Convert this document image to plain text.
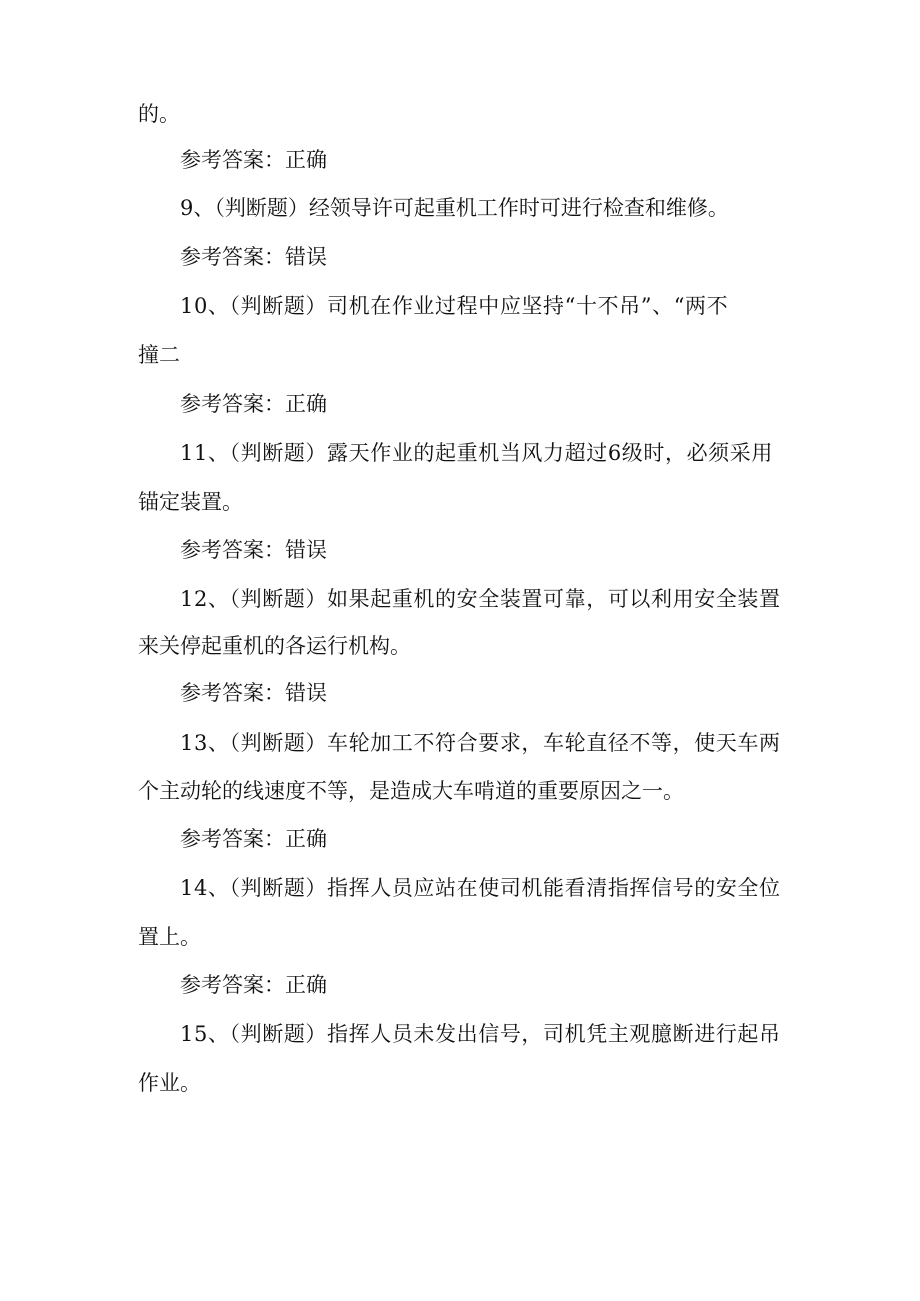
的。
参考答案：正确
9、（判断题）经领导许可起重机工作时可进行检查和维修。
参考答案：错误
10、（判断题）司机在作业过程中应坚持“十不吊”、“两不
撞二
参考答案：正确
11、（判断题）露天作业的起重机当风力超过6级时，必须采用
锚定装置。
参考答案：错误
12、（判断题）如果起重机的安全装置可靠，可以利用安全装置
来关停起重机的各运行机构。
参考答案：错误
13、（判断题）车轮加工不符合要求，车轮直径不等，使天车两
个主动轮的线速度不等，是造成大车啃道的重要原因之一。
参考答案：正确
14、（判断题）指挥人员应站在使司机能看清指挥信号的安全位
置上。
参考答案：正确
15、（判断题）指挥人员未发出信号，司机凭主观臆断进行起吊
作业。
